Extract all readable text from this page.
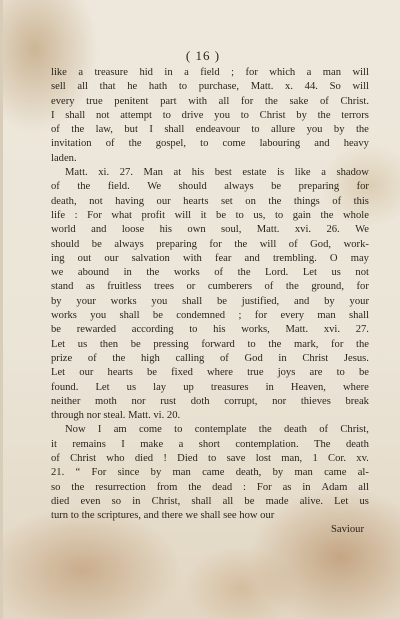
( 16 )
like a treasure hid in a field ; for which a man will
sell all that he hath to purchase, Matt. x. 44. So will
every true penitent part with all for the sake of Christ.
I shall not attempt to drive you to Christ by the terrors
of the law, but I shall endeavour to allure you by the
invitation of the gospel, to come labouring and heavy
laden.
Matt. xi. 27. Man at his best estate is like a shadow
of the field. We should always be preparing for
death, not having our hearts set on the things of this
life : For what profit will it be to us, to gain the whole
world and loose his own soul, Matt. xvi. 26. We
should be always preparing for the will of God, work-
ing out our salvation with fear and trembling. O may
we abound in the works of the Lord. Let us not
stand as fruitless trees or cumberers of the ground, for
by your works you shall be justified, and by your
works you shall be condemned ; for every man shall
be rewarded according to his works, Matt. xvi. 27.
Let us then be pressing forward to the mark, for the
prize of the high calling of God in Christ Jesus.
Let our hearts be fixed where true joys are to be
found. Let us lay up treasures in Heaven, where
neither moth nor rust doth corrupt, nor thieves break
through nor steal. Matt. vi. 20.
Now I am come to contemplate the death of Christ,
it remains I make a short contemplation. The death
of Christ who died ! Died to save lost man, 1 Cor. xv.
21. “ For since by man came death, by man came al-
so the resurrection from the dead : For as in Adam all
died even so in Christ, shall all be made alive. Let us
turn to the scriptures, and there we shall see how our
Saviour
